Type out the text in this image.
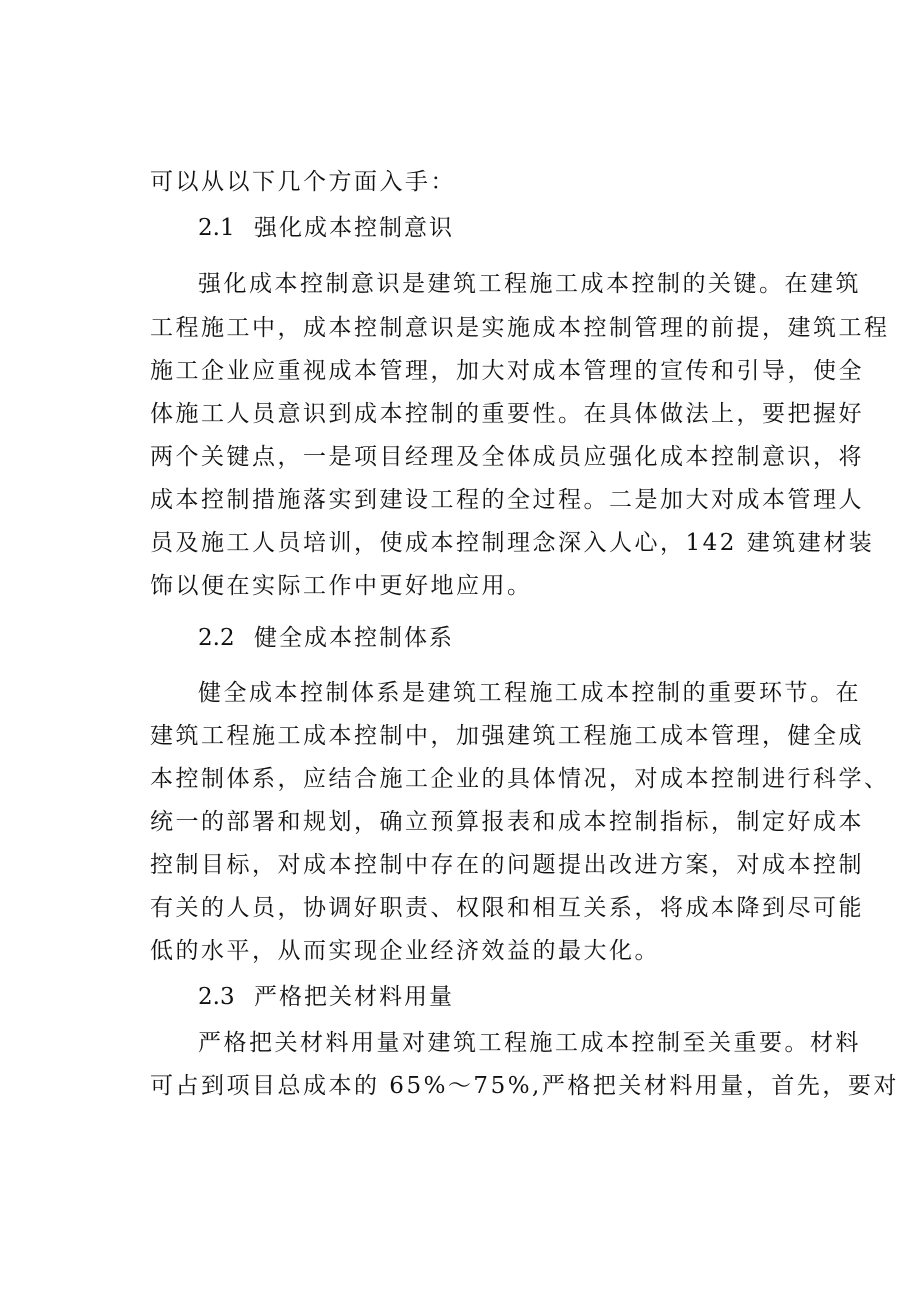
可以从以下几个方面入手：
2.1 强化成本控制意识
强化成本控制意识是建筑工程施工成本控制的关键。在建筑
工程施工中，成本控制意识是实施成本控制管理的前提，建筑工程
施工企业应重视成本管理，加大对成本管理的宣传和引导，使全
体施工人员意识到成本控制的重要性。在具体做法上，要把握好
两个关键点，一是项目经理及全体成员应强化成本控制意识，将
成本控制措施落实到建设工程的全过程。二是加大对成本管理人
员及施工人员培训，使成本控制理念深入人心，142 建筑建材装
饰以便在实际工作中更好地应用。
2.2 健全成本控制体系
健全成本控制体系是建筑工程施工成本控制的重要环节。在
建筑工程施工成本控制中，加强建筑工程施工成本管理，健全成
本控制体系，应结合施工企业的具体情况，对成本控制进行科学、
统一的部署和规划，确立预算报表和成本控制指标，制定好成本
控制目标，对成本控制中存在的问题提出改进方案，对成本控制
有关的人员，协调好职责、权限和相互关系，将成本降到尽可能
低的水平，从而实现企业经济效益的最大化。
2.3 严格把关材料用量
严格把关材料用量对建筑工程施工成本控制至关重要。材料
可占到项目总成本的 65%～75%,严格把关材料用量，首先，要对
